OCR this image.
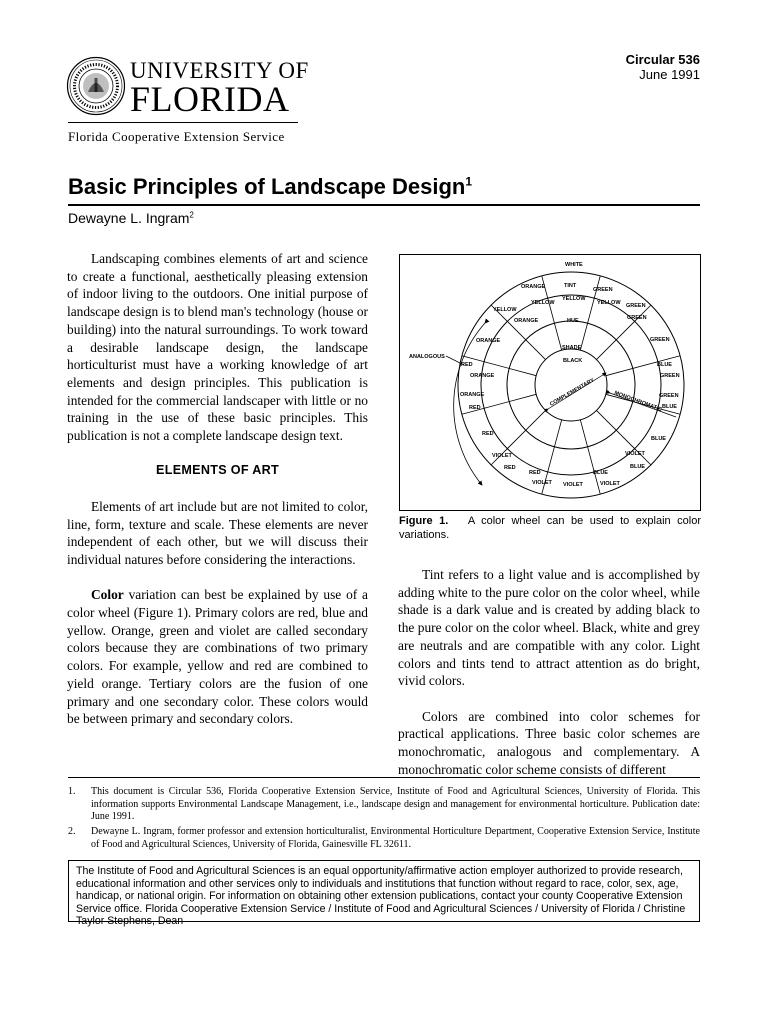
UNIVERSITY OF
FLORIDA
Florida Cooperative Extension Service
Circular 536
June 1991
Basic Principles of Landscape Design$^1$
Dewayne L. Ingram$^2$

Landscaping combines elements of art and science to create a functional, aesthetically pleasing extension of indoor living to the outdoors. One initial purpose of landscape design is to blend man's technology (house or building) into the natural surroundings. To work toward a desirable landscape design, the landscape horticulturist must have a working knowledge of art elements and design principles. This publication is intended for the commercial landscaper with little or no training in the use of these basic principles. This publication is not a complete landscape design text.

ELEMENTS OF ART

Elements of art include but are not limited to color, line, form, texture and scale. These elements are never independent of each other, but we will discuss their individual natures before considering the interactions.

Color variation can best be explained by use of a color wheel (Figure 1). Primary colors are red, blue and yellow. Orange, green and violet are called secondary colors because they are combinations of two primary colors. For example, yellow and red are combined to yield orange. Tertiary colors are the fusion of one primary and one secondary color. These colors would be between primary and secondary colors.

WHITE
ANALOGOUS
TINT
ORANGE	GREEN
YELLOW
YELLOW
YELLOW
YELLOW GREEN
ORANGE	HUE	GREEN
ORANGE	GREEN
SHADE
BLACK
RED	BLUE
ORANGE	GREEN
ORANGE	GREEN
RED	BLUE
RED
BLUE
VIOLET	VIOLET
RED	BLUE
RED	BLUE
VIOLET VIOLET	VIOLET
COMPLEMENTARY	MONOCHROMATIC
Figure 1. A color wheel can be used to explain color variations.

Tint refers to a light value and is accomplished by adding white to the pure color on the color wheel, while shade is a dark value and is created by adding black to the pure color on the color wheel. Black, white and grey are neutrals and are compatible with any color. Light colors and tints tend to attract attention as do bright, vivid colors.

Colors are combined into color schemes for practical applications. Three basic color schemes are monochromatic, analogous and complementary. A monochromatic color scheme consists of different

1. This document is Circular 536, Florida Cooperative Extension Service, Institute of Food and Agricultural Sciences, University of Florida. This information supports Environmental Landscape Management, i.e., landscape design and management for environmental horticulture. Publication date: June 1991.
2. Dewayne L. Ingram, former professor and extension horticulturalist, Environmental Horticulture Department, Cooperative Extension Service, Institute of Food and Agricultural Sciences, University of Florida, Gainesville FL 32611.
The Institute of Food and Agricultural Sciences is an equal opportunity/affirmative action employer authorized to provide research, educational information and other services only to individuals and institutions that function without regard to race, color, sex, age, handicap, or national origin. For information on obtaining other extension publications, contact your county Cooperative Extension Service office. Florida Cooperative Extension Service / Institute of Food and Agricultural Sciences / University of Florida / Christine Taylor Stephens, Dean
